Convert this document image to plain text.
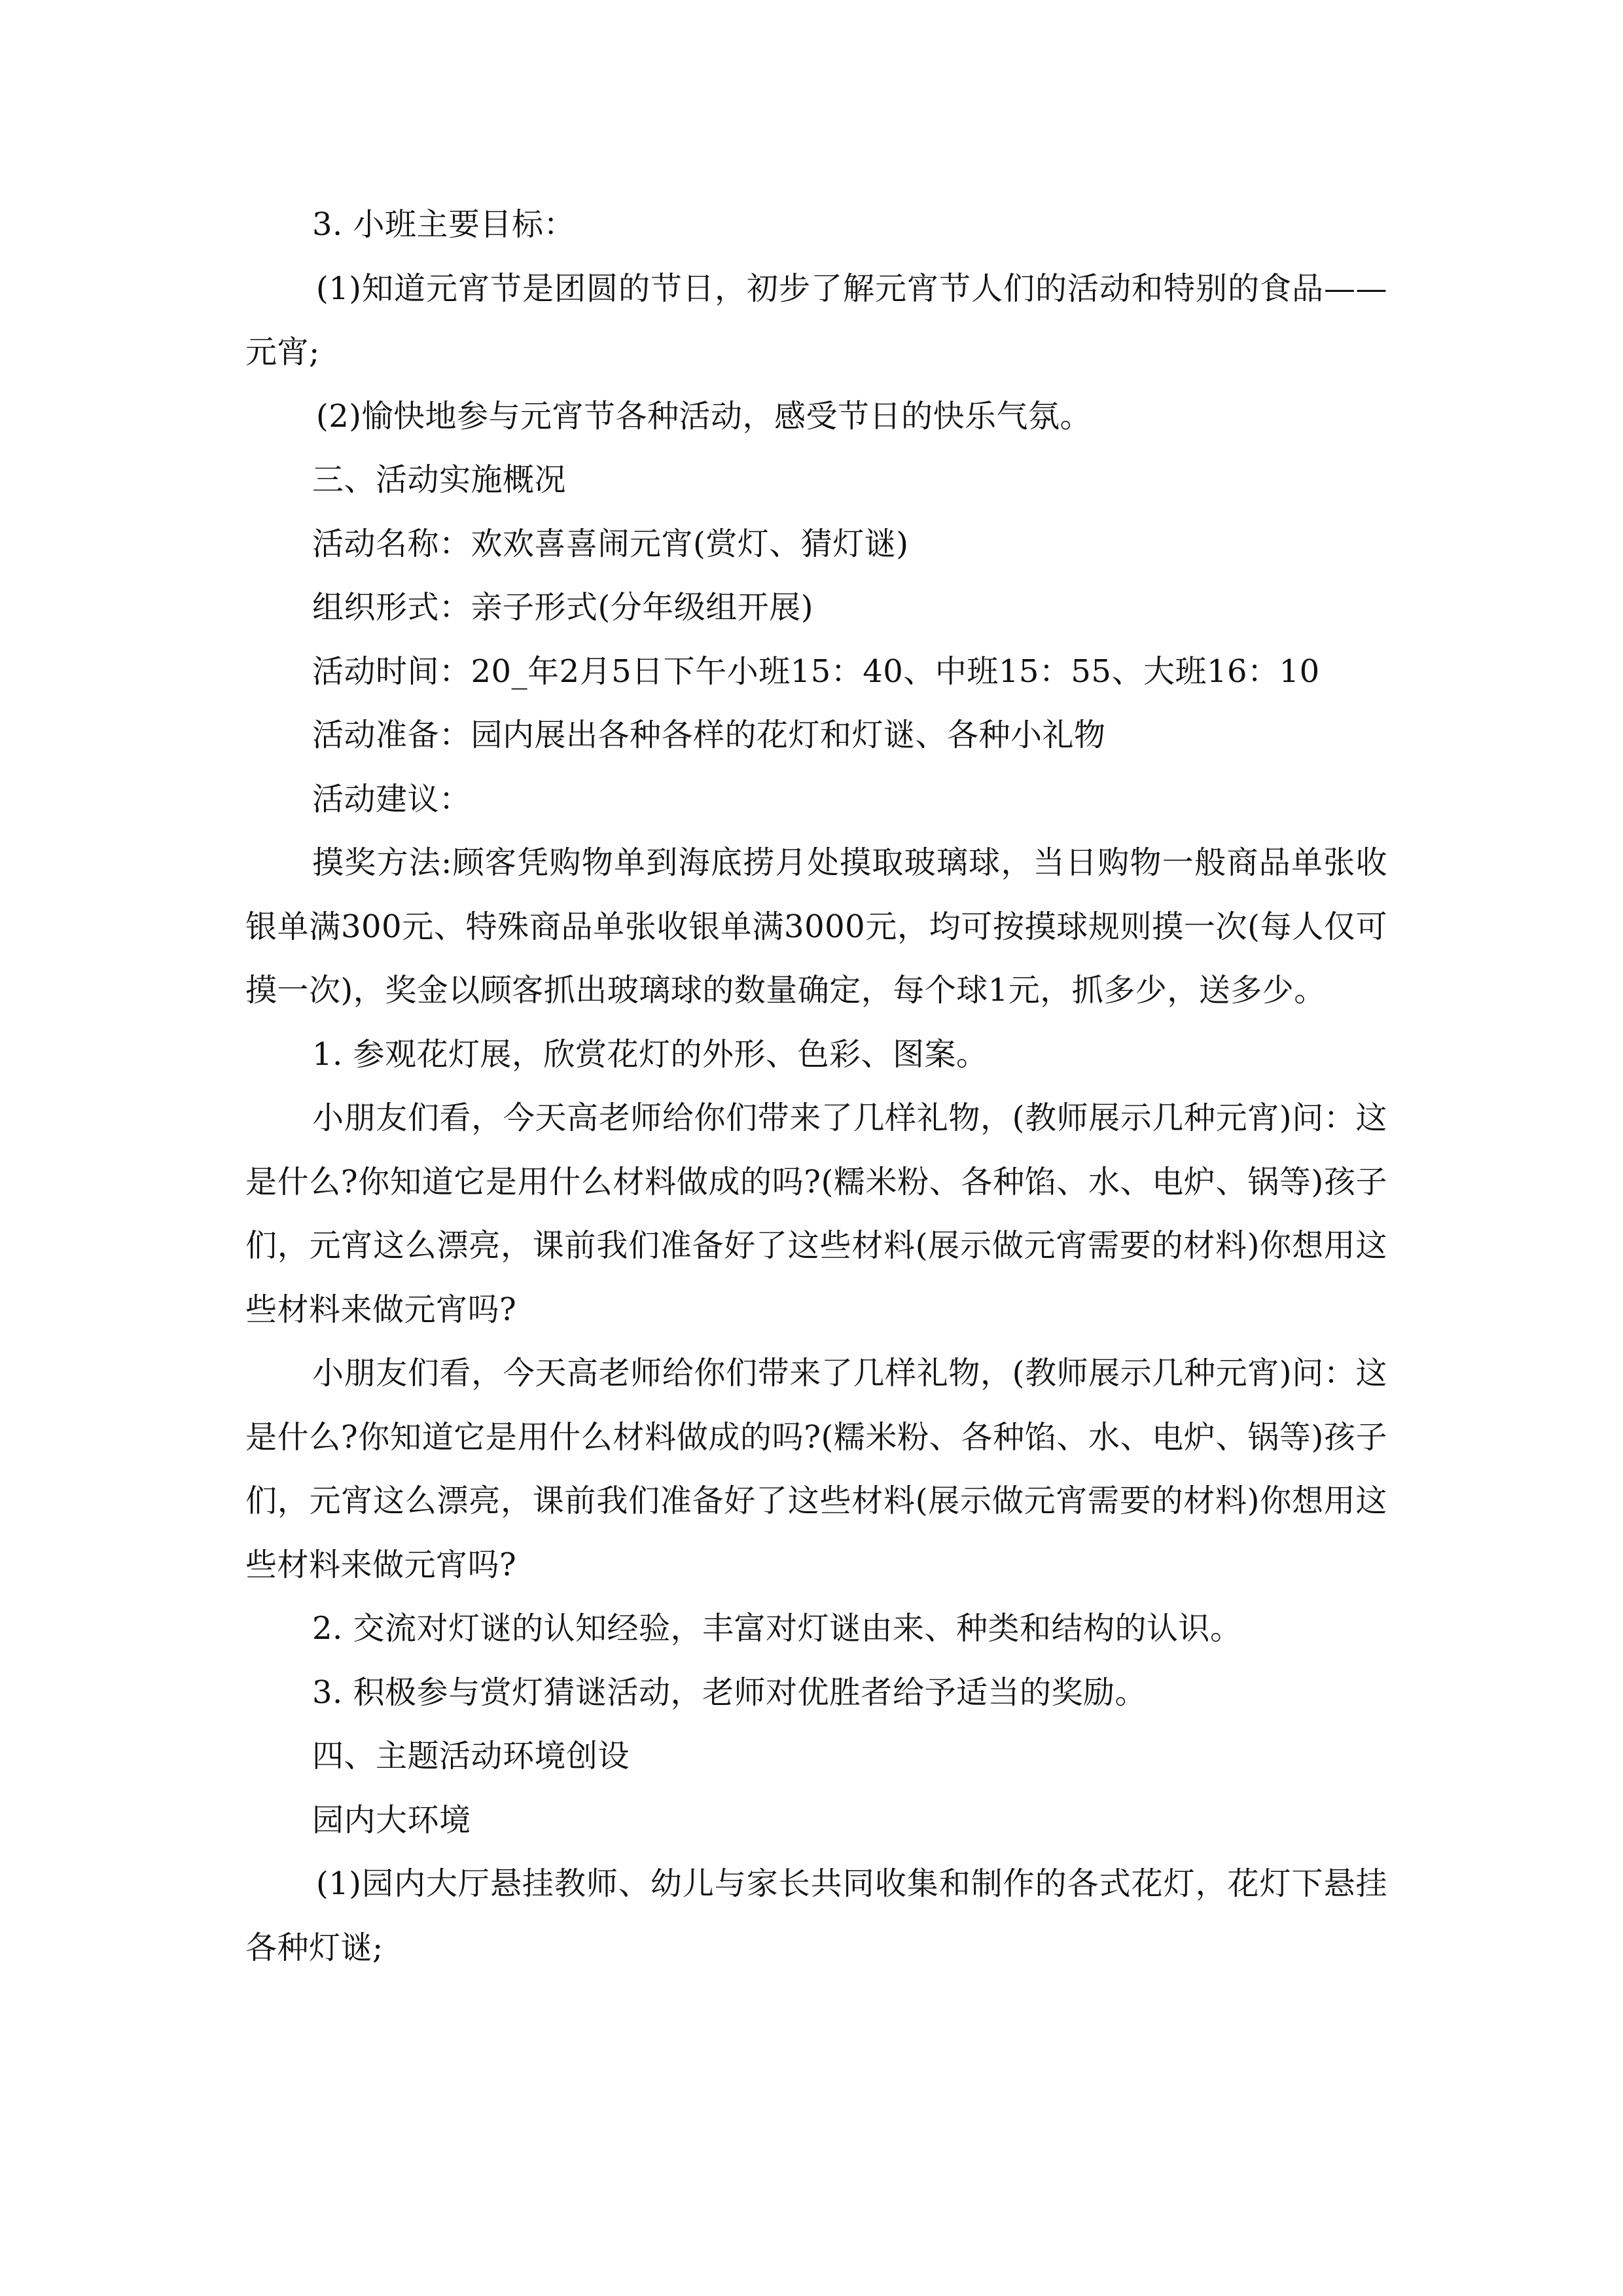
3. 小班主要目标：

(1)知道元宵节是团圆的节日，初步了解元宵节人们的活动和特别的食品——元宵;

(2)愉快地参与元宵节各种活动，感受节日的快乐气氛。

三、活动实施概况

活动名称：欢欢喜喜闹元宵(赏灯、猜灯谜)

组织形式：亲子形式(分年级组开展)

活动时间：20_年2月5日下午小班15：40、中班15：55、大班16：10

活动准备：园内展出各种各样的花灯和灯谜、各种小礼物

活动建议：

摸奖方法:顾客凭购物单到海底捞月处摸取玻璃球，当日购物一般商品单张收银单满300元、特殊商品单张收银单满3000元，均可按摸球规则摸一次(每人仅可摸一次)，奖金以顾客抓出玻璃球的数量确定，每个球1元，抓多少，送多少。

1. 参观花灯展，欣赏花灯的外形、色彩、图案。

小朋友们看，今天高老师给你们带来了几样礼物，(教师展示几种元宵)问：这是什么?你知道它是用什么材料做成的吗?(糯米粉、各种馅、水、电炉、锅等)孩子们，元宵这么漂亮，课前我们准备好了这些材料(展示做元宵需要的材料)你想用这些材料来做元宵吗?

小朋友们看，今天高老师给你们带来了几样礼物，(教师展示几种元宵)问：这是什么?你知道它是用什么材料做成的吗?(糯米粉、各种馅、水、电炉、锅等)孩子们，元宵这么漂亮，课前我们准备好了这些材料(展示做元宵需要的材料)你想用这些材料来做元宵吗?

2. 交流对灯谜的认知经验，丰富对灯谜由来、种类和结构的认识。

3. 积极参与赏灯猜谜活动，老师对优胜者给予适当的奖励。

四、主题活动环境创设

园内大环境

(1)园内大厅悬挂教师、幼儿与家长共同收集和制作的各式花灯，花灯下悬挂各种灯谜;
